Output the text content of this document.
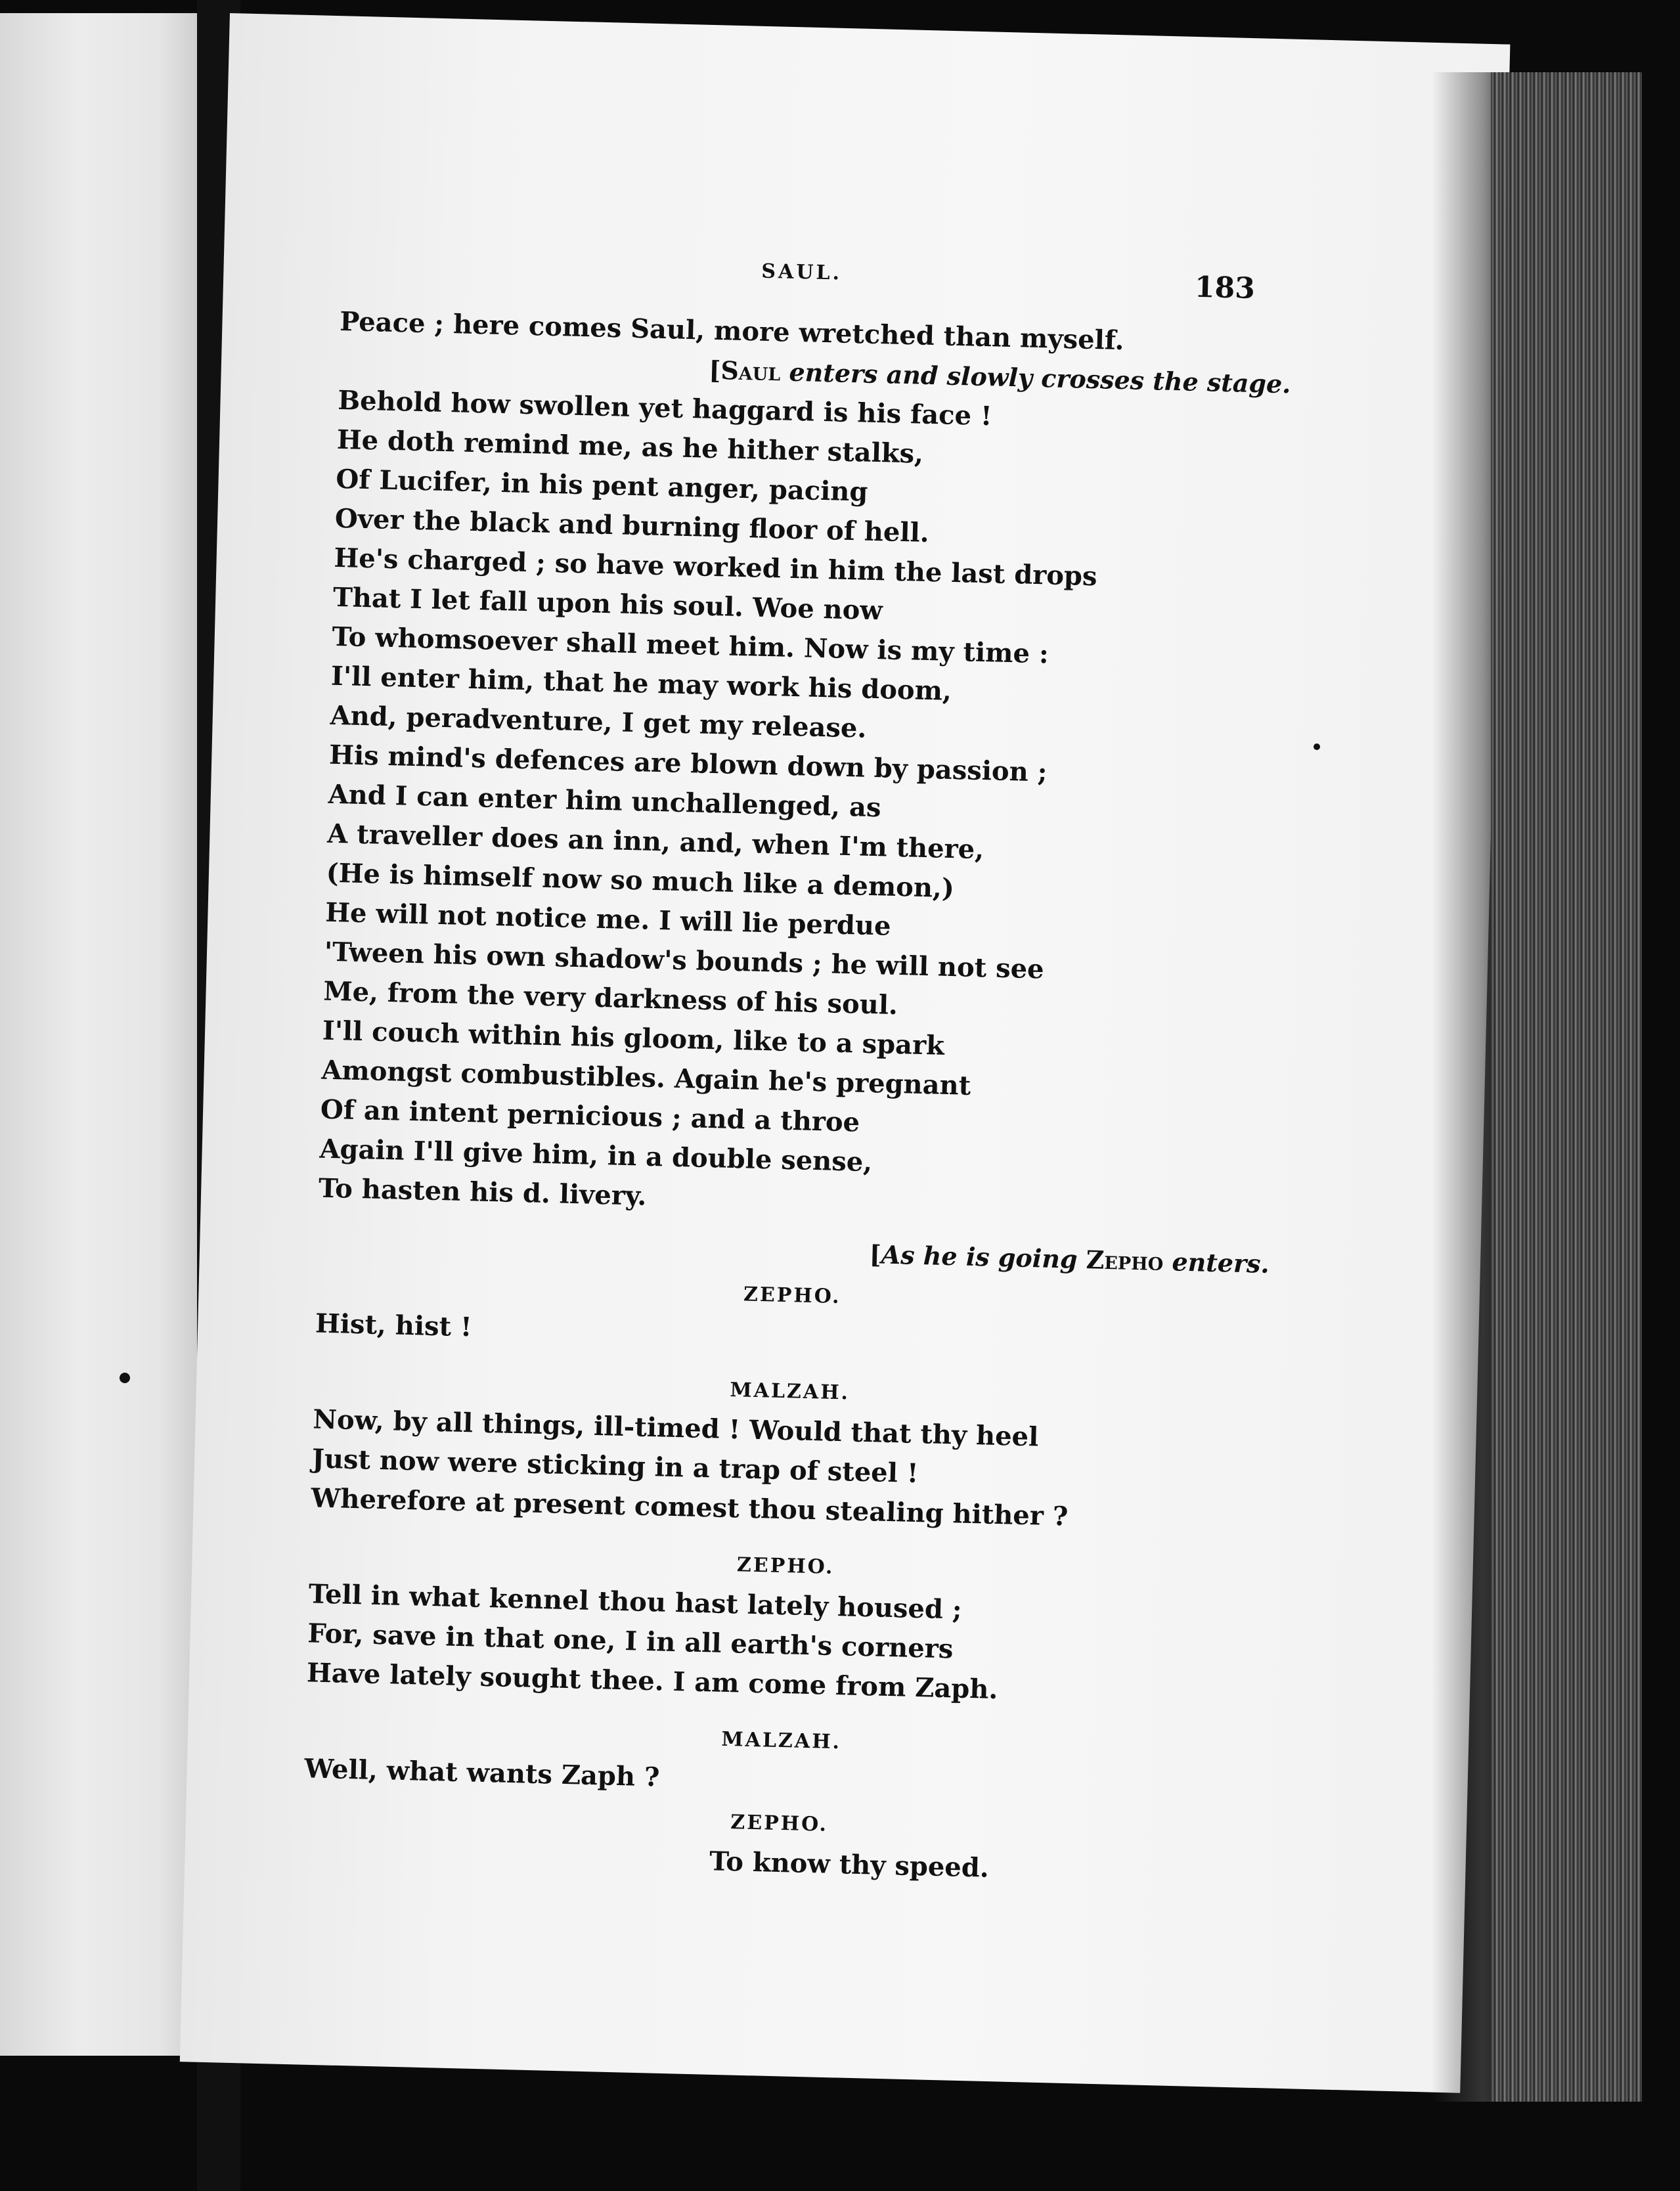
SAUL.	183
Peace ; here comes Saul, more wretched than myself.
[Saul enters and slowly crosses the stage.
Behold how swollen yet haggard is his face !
He doth remind me, as he hither stalks,
Of Lucifer, in his pent anger, pacing
Over the black and burning floor of hell.
He's charged ; so have worked in him the last drops
That I let fall upon his soul. Woe now
To whomsoever shall meet him. Now is my time :
I'll enter him, that he may work his doom,
And, peradventure, I get my release.
His mind's defences are blown down by passion ;
And I can enter him unchallenged, as
A traveller does an inn, and, when I'm there,
(He is himself now so much like a demon,)
He will not notice me. I will lie perdue
'Tween his own shadow's bounds ; he will not see
Me, from the very darkness of his soul.
I'll couch within his gloom, like to a spark
Amongst combustibles. Again he's pregnant
Of an intent pernicious ; and a throe
Again I'll give him, in a double sense,
To hasten his d. livery.
[As he is going Zepho enters.
ZEPHO.
Hist, hist !
MALZAH.
Now, by all things, ill-timed ! Would that thy heel
Just now were sticking in a trap of steel !
Wherefore at present comest thou stealing hither ?
ZEPHO.
Tell in what kennel thou hast lately housed ;
For, save in that one, I in all earth's corners
Have lately sought thee. I am come from Zaph.
MALZAH.
Well, what wants Zaph ?
ZEPHO.
To know thy speed.
